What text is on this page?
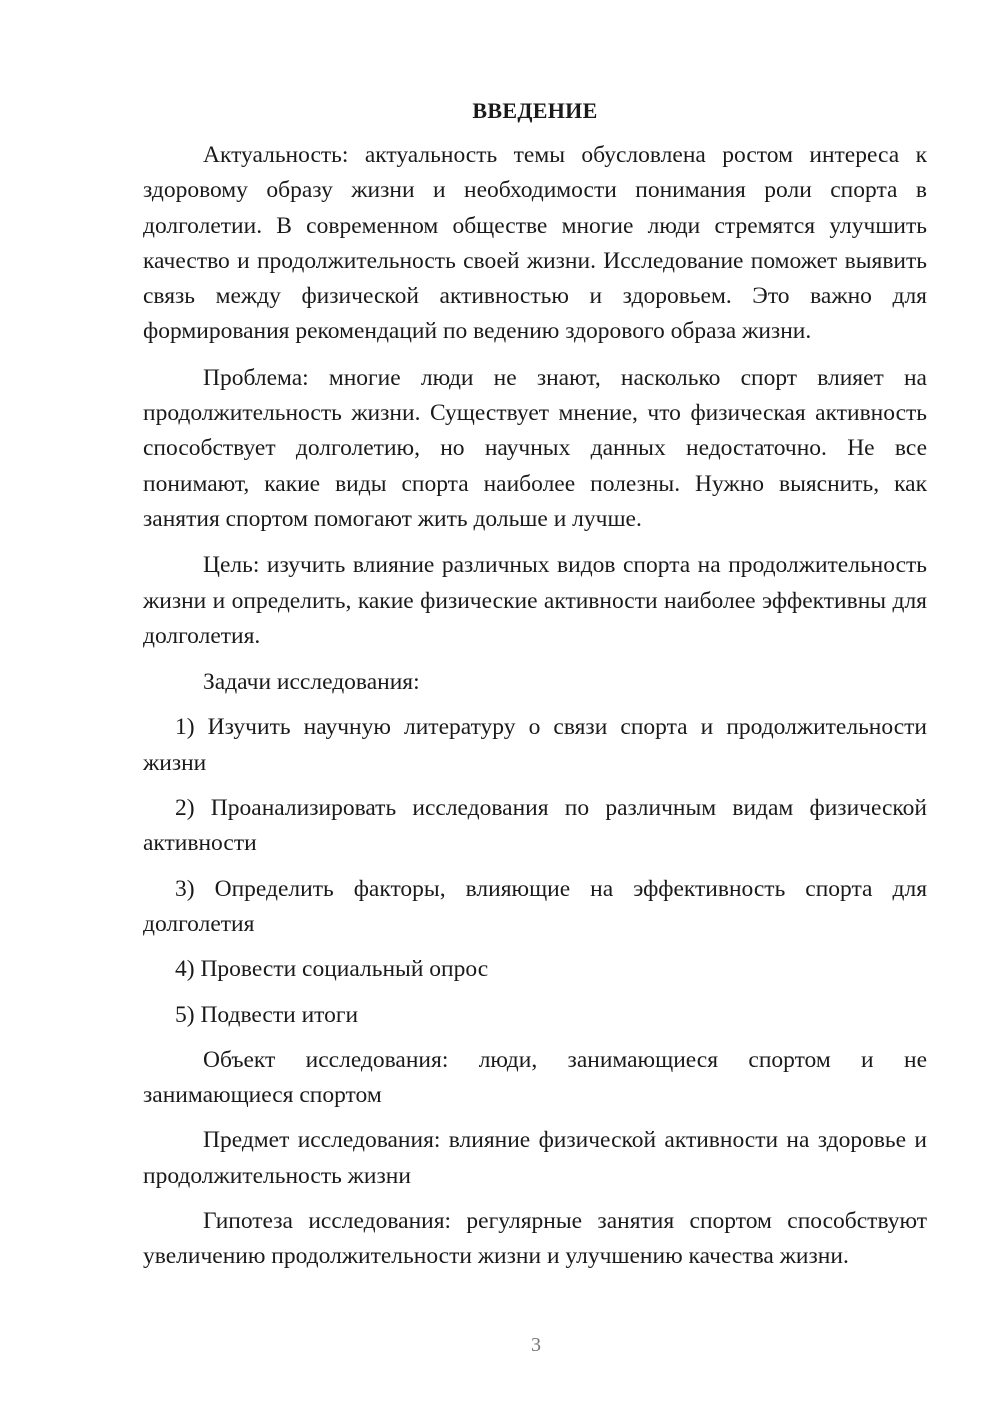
ВВЕДЕНИЕ

Актуальность: актуальность темы обусловлена ростом интереса к здоровому образу жизни и необходимости понимания роли спорта в долголетии. В современном обществе многие люди стремятся улучшить качество и продолжительность своей жизни. Исследование поможет выявить связь между физической активностью и здоровьем. Это важно для формирования рекомендаций по ведению здорового образа жизни.

Проблема: многие люди не знают, насколько спорт влияет на продолжительность жизни. Существует мнение, что физическая активность способствует долголетию, но научных данных недостаточно. Не все понимают, какие виды спорта наиболее полезны. Нужно выяснить, как занятия спортом помогают жить дольше и лучше.

Цель: изучить влияние различных видов спорта на продолжительность жизни и определить, какие физические активности наиболее эффективны для долголетия.

Задачи исследования:

1) Изучить научную литературу о связи спорта и продолжительности жизни

2) Проанализировать исследования по различным видам физической активности

3) Определить факторы, влияющие на эффективность спорта для долголетия

4) Провести социальный опрос

5) Подвести итоги

Объект исследования: люди, занимающиеся спортом и не занимающиеся спортом

Предмет исследования: влияние физической активности на здоровье и продолжительность жизни

Гипотеза исследования: регулярные занятия спортом способствуют увеличению продолжительности жизни и улучшению качества жизни.

3
